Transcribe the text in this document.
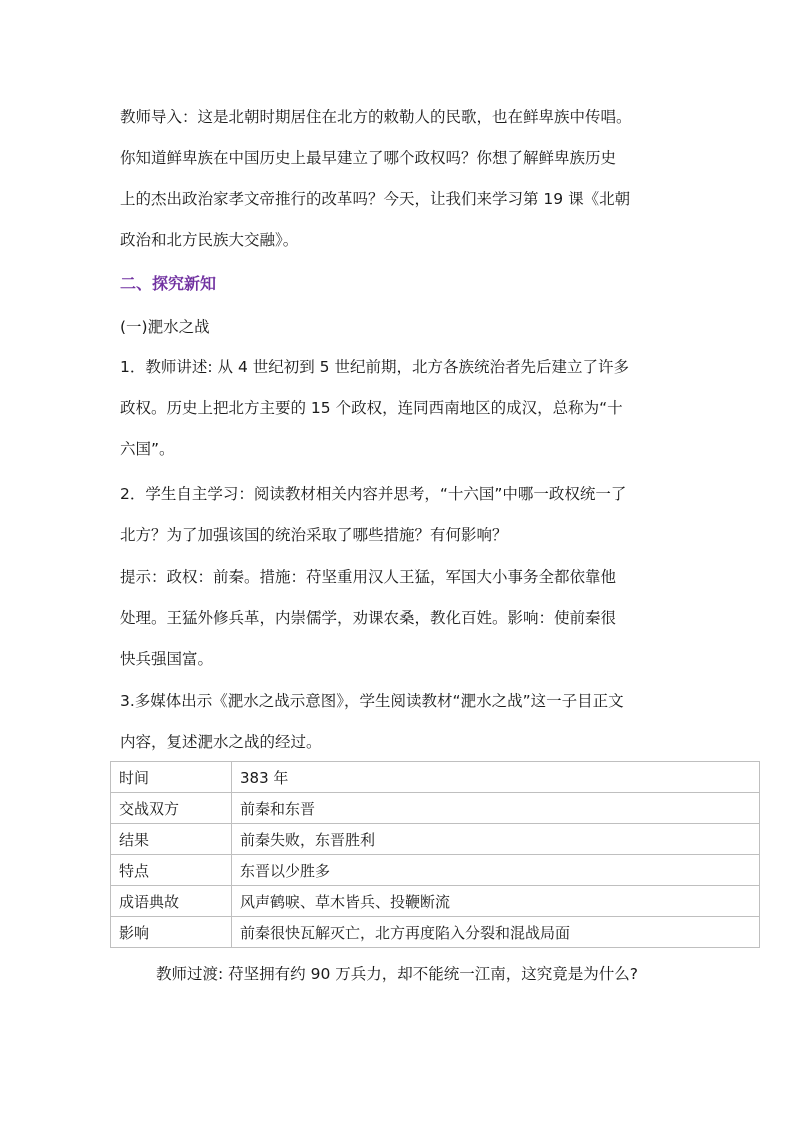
教师导入：这是北朝时期居住在北方的敕勒人的民歌，也在鲜卑族中传唱。
你知道鲜卑族在中国历史上最早建立了哪个政权吗？你想了解鲜卑族历史
上的杰出政治家孝文帝推行的改革吗？今天，让我们来学习第 19 课《北朝
政治和北方民族大交融》。

二、探究新知

(一)淝水之战

1．教师讲述: 从 4 世纪初到 5 世纪前期，北方各族统治者先后建立了许多
政权。历史上把北方主要的 15 个政权，连同西南地区的成汉，总称为“十
六国”。
2．学生自主学习：阅读教材相关内容并思考，“十六国”中哪一政权统一了
北方？为了加强该国的统治采取了哪些措施？有何影响？
提示：政权：前秦。措施：苻坚重用汉人王猛，军国大小事务全都依靠他
处理。王猛外修兵革，内崇儒学，劝课农桑，教化百姓。影响：使前秦很
快兵强国富。
3.多媒体出示《淝水之战示意图》，学生阅读教材“淝水之战”这一子目正文
内容，复述淝水之战的经过。
时间	383 年
交战双方	前秦和东晋
结果	前秦失败，东晋胜利
特点	东晋以少胜多
成语典故	风声鹤唳、草木皆兵、投鞭断流
影响	前秦很快瓦解灭亡，北方再度陷入分裂和混战局面

教师过渡: 苻坚拥有约 90 万兵力，却不能统一江南，这究竟是为什么?
